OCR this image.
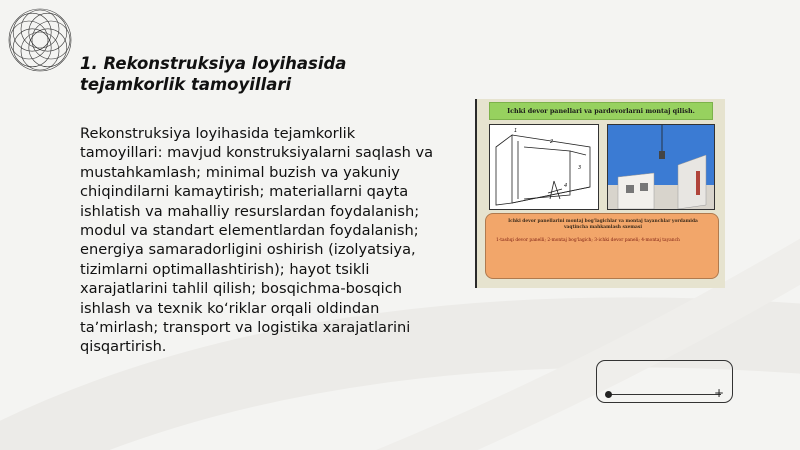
1. Rekonstruksiya loyihasida
tejamkorlik tamoyillari

Rekonstruksiya loyihasida tejamkorlik tamoyillari: mavjud konstruksiyalarni saqlash va mustahkamlash; minimal buzish va yakuniy chiqindilarni kamaytirish; materiallarni qayta ishlatish va mahalliy resurslardan foydalanish; modul va standart elementlardan foydalanish; energiya samaradorligini oshirish (izolyatsiya, tizimlarni optimallashtirish); hayot tsikli xarajatlarini tahlil qilish; bosqichma-bosqich ishlash va texnik koʻriklar orqali oldindan taʼmirlash; transport va logistika xarajatlarini qisqartirish.

Ichki devor panellari va pardevorlarni montaj qilish.
1
2
3
4
Ichki devor panellarini montaj bog'lagichlar va montaj tayanchlar yordamida vaqtincha mahkamlash sxemasi
1-tashqi devor panelli; 2-montaj bog'lagich; 3-ichki devor paneli; 4-montaj tayanch
+
